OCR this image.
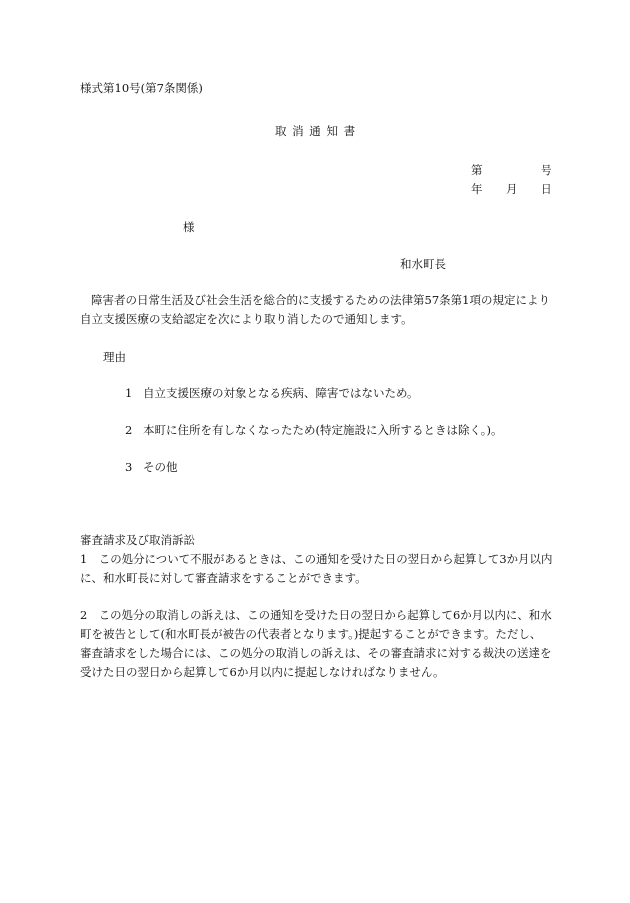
様式第10号(第7条関係)
取 消 通 知 書
第	号
年 月 日
様
和水町長
障害者の日常生活及び社会生活を総合的に支援するための法律第57条第1項の規定により
自立支援医療の支給認定を次により取り消したので通知します。
理由
1 自立支援医療の対象となる疾病、障害ではないため。
2 本町に住所を有しなくなったため(特定施設に入所するときは除く。)。
3 その他
審査請求及び取消訴訟
1　この処分について不服があるときは、この通知を受けた日の翌日から起算して3か月以内
に、和水町長に対して審査請求をすることができます。
2　この処分の取消しの訴えは、この通知を受けた日の翌日から起算して6か月以内に、和水
町を被告として(和水町長が被告の代表者となります。)提起することができます。ただし、
審査請求をした場合には、この処分の取消しの訴えは、その審査請求に対する裁決の送達を
受けた日の翌日から起算して6か月以内に提起しなければなりません。
